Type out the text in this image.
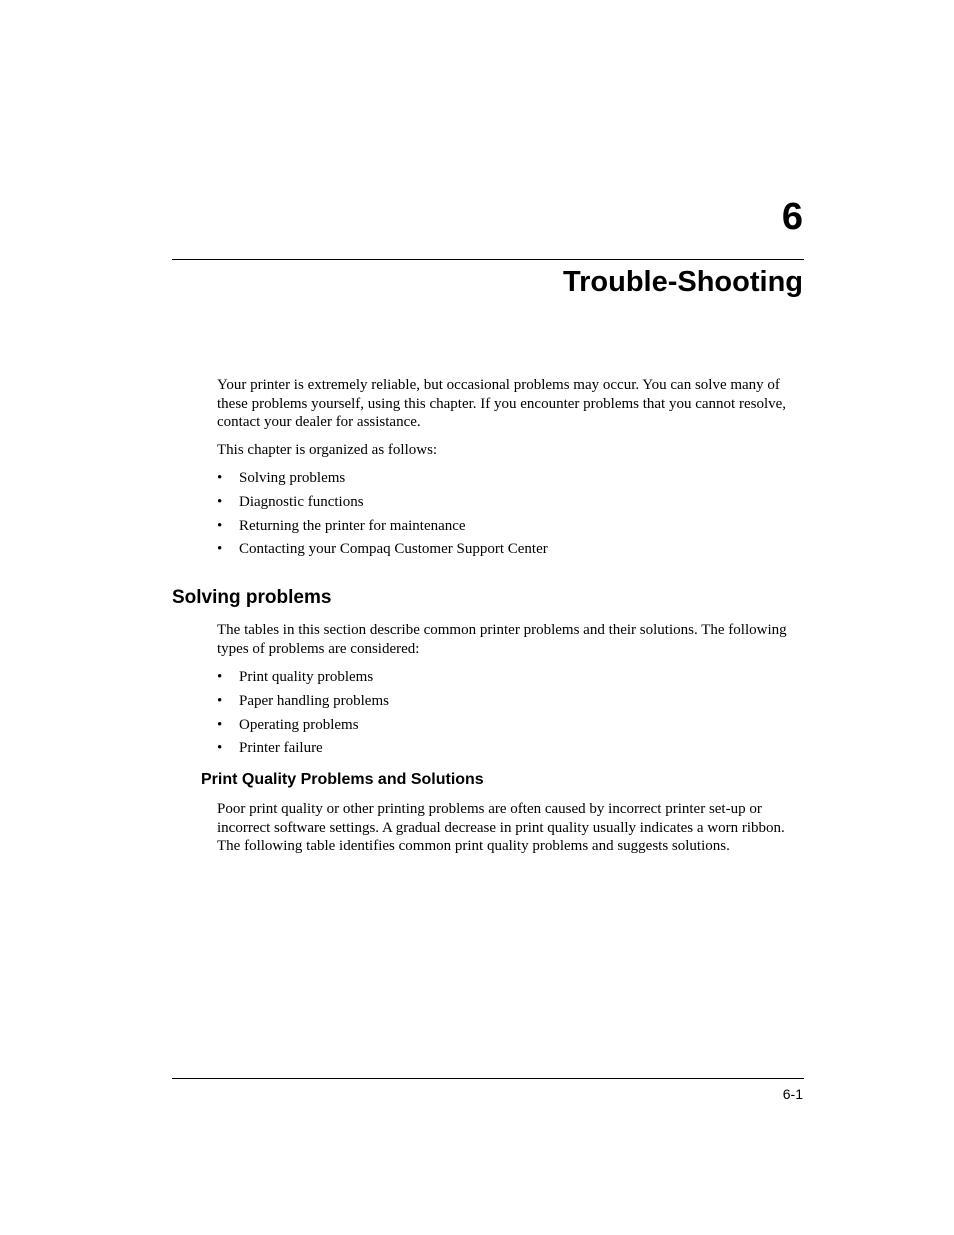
6
Trouble-Shooting

Your printer is extremely reliable, but occasional problems may occur. You can solve many of these problems yourself, using this chapter. If you encounter problems that you cannot resolve, contact your dealer for assistance.

This chapter is organized as follows:

• Solving problems
• Diagnostic functions
• Returning the printer for maintenance
• Contacting your Compaq Customer Support Center
Solving problems

The tables in this section describe common printer problems and their solutions. The following types of problems are considered:

• Print quality problems
• Paper handling problems
• Operating problems
• Printer failure
Print Quality Problems and Solutions

Poor print quality or other printing problems are often caused by incorrect printer set-up or incorrect software settings. A gradual decrease in print quality usually indicates a worn ribbon. The following table identifies common print quality problems and suggests solutions.

6-1
